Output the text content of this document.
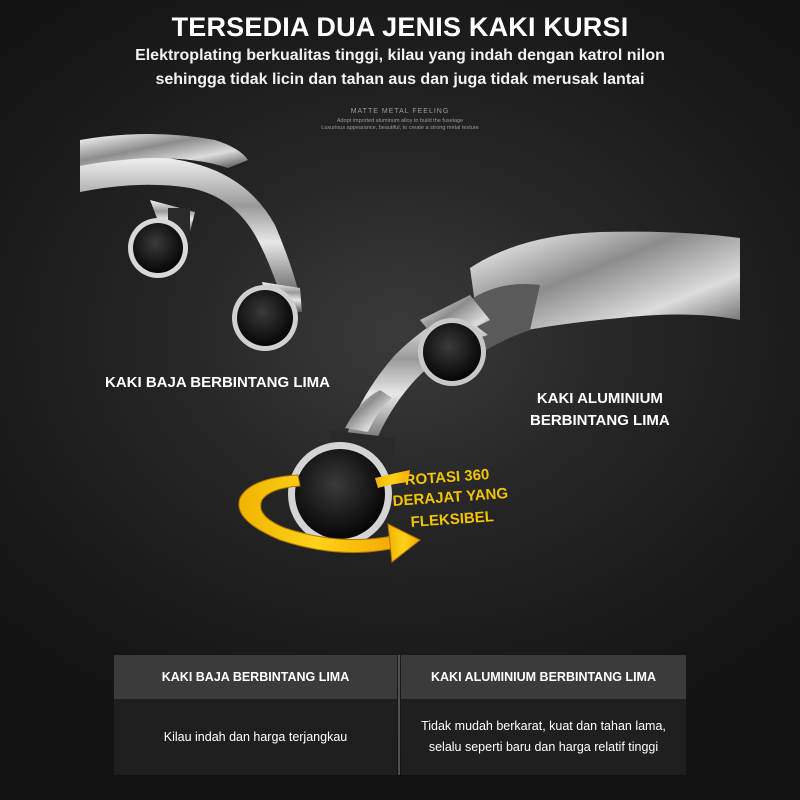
TERSEDIA DUA JENIS KAKI KURSI
Elektroplating berkualitas tinggi, kilau yang indah dengan katrol nilon
sehingga tidak licin dan tahan aus dan juga tidak merusak lantai
MATTE METAL FEELING
Adopt imported aluminum alloy to build the fuselage
Luxurious appearance, beautiful, to create a strong metal texture
KAKI BAJA BERBINTANG LIMA
KAKI ALUMINIUM
BERBINTANG LIMA
ROTASI 360
DERAJAT YANG
FLEKSIBEL
KAKI BAJA BERBINTANG LIMA	KAKI ALUMINIUM BERBINTANG LIMA
Kilau indah dan harga terjangkau
Tidak mudah berkarat, kuat dan tahan lama,
selalu seperti baru dan harga relatif tinggi
